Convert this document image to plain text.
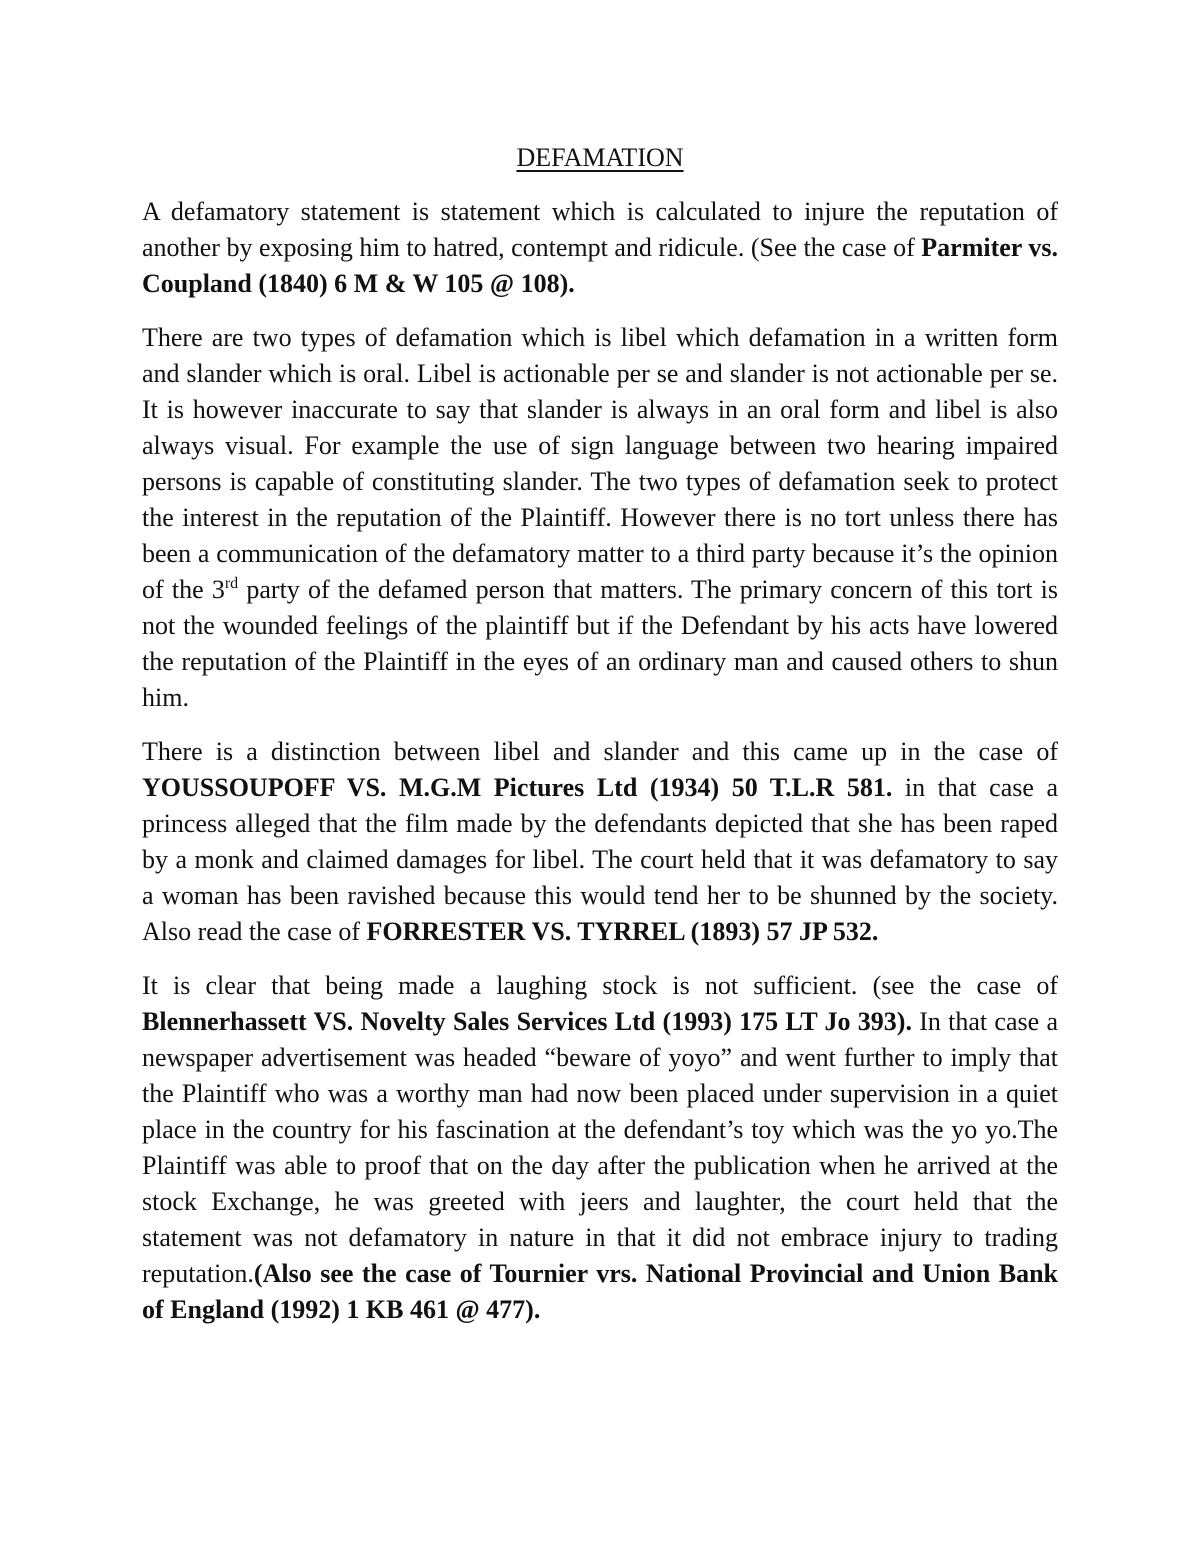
DEFAMATION

A defamatory statement is statement which is calculated to injure the reputation of another by exposing him to hatred, contempt and ridicule. (See the case of Parmiter vs. Coupland (1840) 6 M & W 105 @ 108).

There are two types of defamation which is libel which defamation in a written form and slander which is oral. Libel is actionable per se and slander is not actionable per se. It is however inaccurate to say that slander is always in an oral form and libel is also always visual. For example the use of sign language between two hearing impaired persons is capable of constituting slander. The two types of defamation seek to protect the interest in the reputation of the Plaintiff. However there is no tort unless there has been a communication of the defamatory matter to a third party because it’s the opinion of the 3rd party of the defamed person that matters. The primary concern of this tort is not the wounded feelings of the plaintiff but if the Defendant by his acts have lowered the reputation of the Plaintiff in the eyes of an ordinary man and caused others to shun him.

There is a distinction between libel and slander and this came up in the case of YOUSSOUPOFF VS. M.G.M Pictures Ltd (1934) 50 T.L.R 581. in that case a princess alleged that the film made by the defendants depicted that she has been raped by a monk and claimed damages for libel. The court held that it was defamatory to say a woman has been ravished because this would tend her to be shunned by the society. Also read the case of FORRESTER VS. TYRREL (1893) 57 JP 532.

It is clear that being made a laughing stock is not sufficient. (see the case of Blennerhassett VS. Novelty Sales Services Ltd (1993) 175 LT Jo 393). In that case a newspaper advertisement was headed “beware of yoyo” and went further to imply that the Plaintiff who was a worthy man had now been placed under supervision in a quiet place in the country for his fascination at the defendant’s toy which was the yo yo.The Plaintiff was able to proof that on the day after the publication when he arrived at the stock Exchange, he was greeted with jeers and laughter, the court held that the statement was not defamatory in nature in that it did not embrace injury to trading reputation.(Also see the case of Tournier vrs. National Provincial and Union Bank of England (1992) 1 KB 461 @ 477).
